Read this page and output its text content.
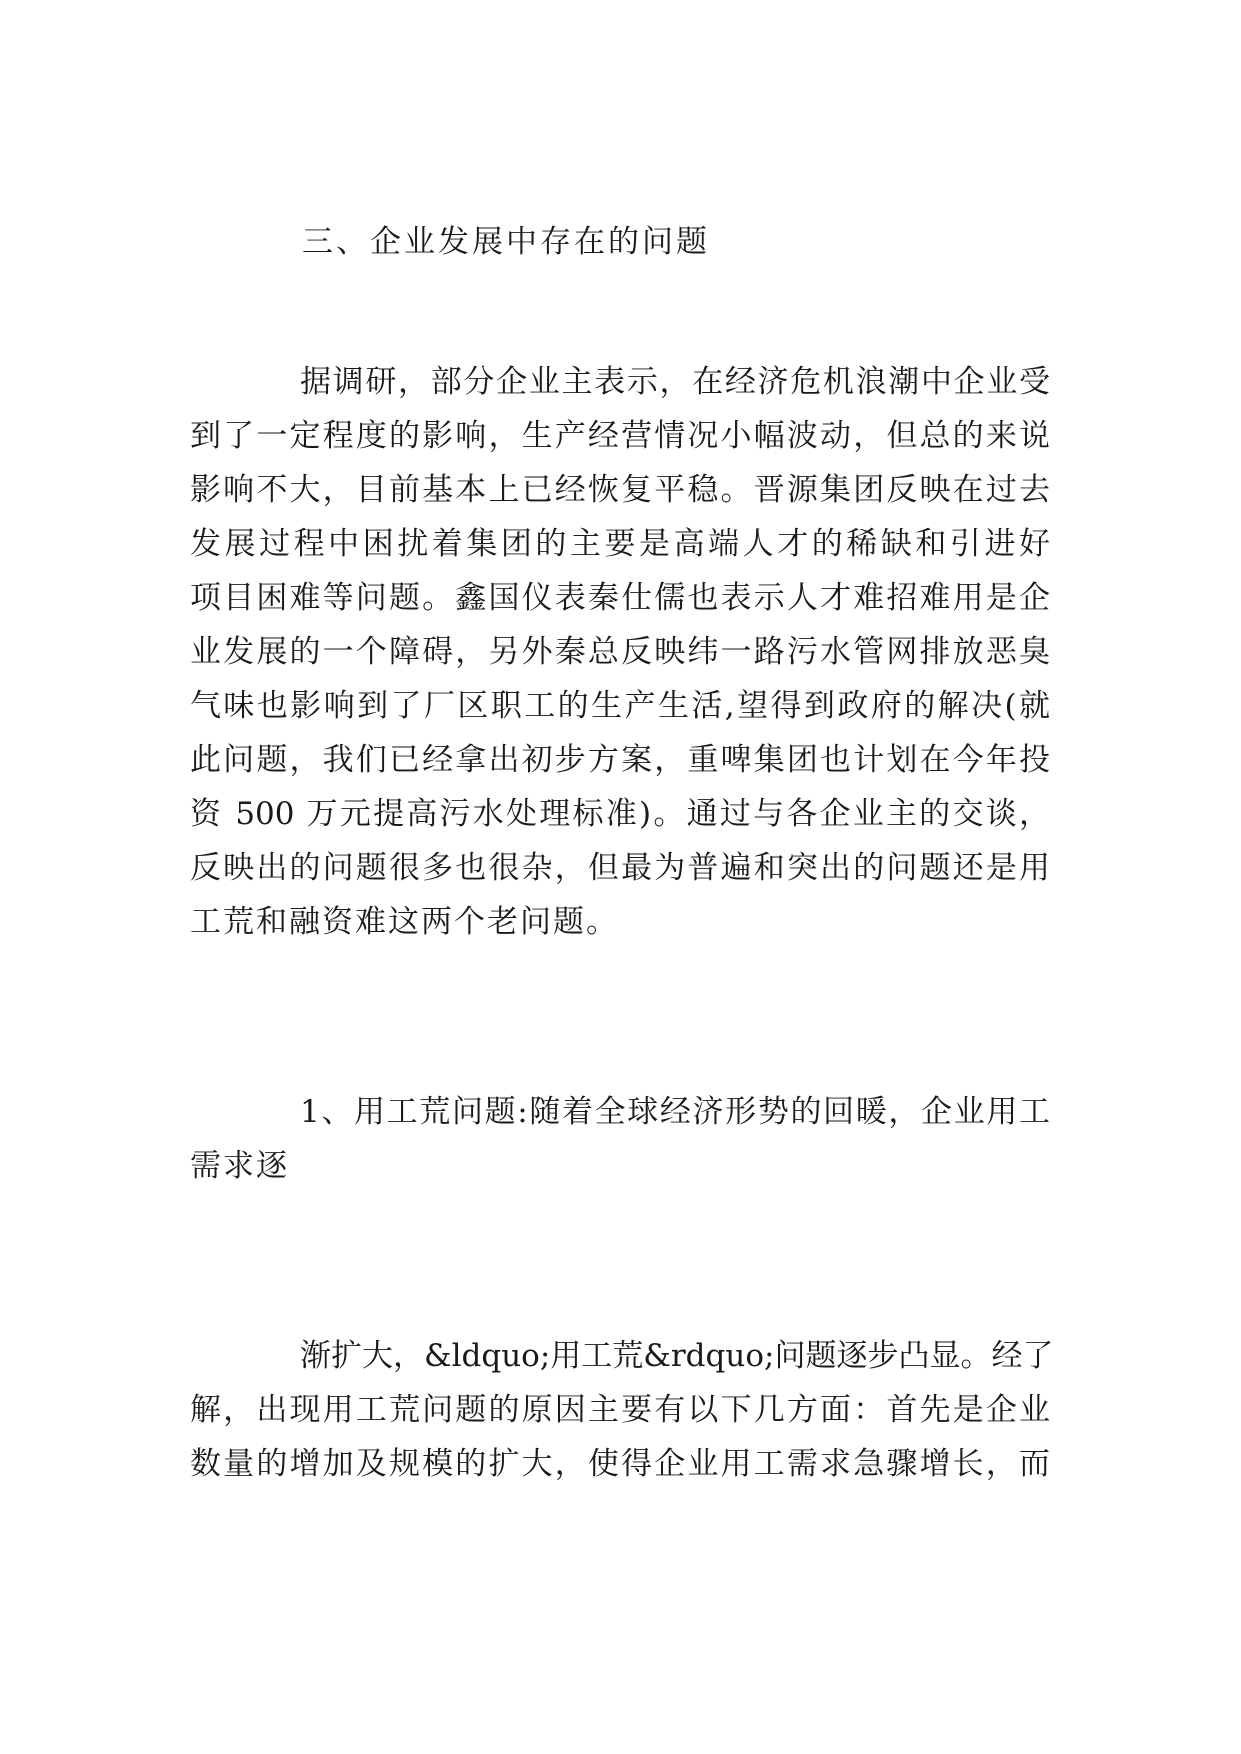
三、企业发展中存在的问题
据调研，部分企业主表示，在经济危机浪潮中企业受
到了一定程度的影响，生产经营情况小幅波动，但总的来说
影响不大，目前基本上已经恢复平稳。晋源集团反映在过去
发展过程中困扰着集团的主要是高端人才的稀缺和引进好
项目困难等问题。鑫国仪表秦仕儒也表示人才难招难用是企
业发展的一个障碍，另外秦总反映纬一路污水管网排放恶臭
气味也影响到了厂区职工的生产生活,望得到政府的解决(就
此问题，我们已经拿出初步方案，重啤集团也计划在今年投
资 500 万元提高污水处理标准)。通过与各企业主的交谈，
反映出的问题很多也很杂，但最为普遍和突出的问题还是用
工荒和融资难这两个老问题。
1、用工荒问题:随着全球经济形势的回暖，企业用工
需求逐
渐扩大，&ldquo;用工荒&rdquo;问题逐步凸显。经了
解，出现用工荒问题的原因主要有以下几方面：首先是企业
数量的增加及规模的扩大，使得企业用工需求急骤增长，而
